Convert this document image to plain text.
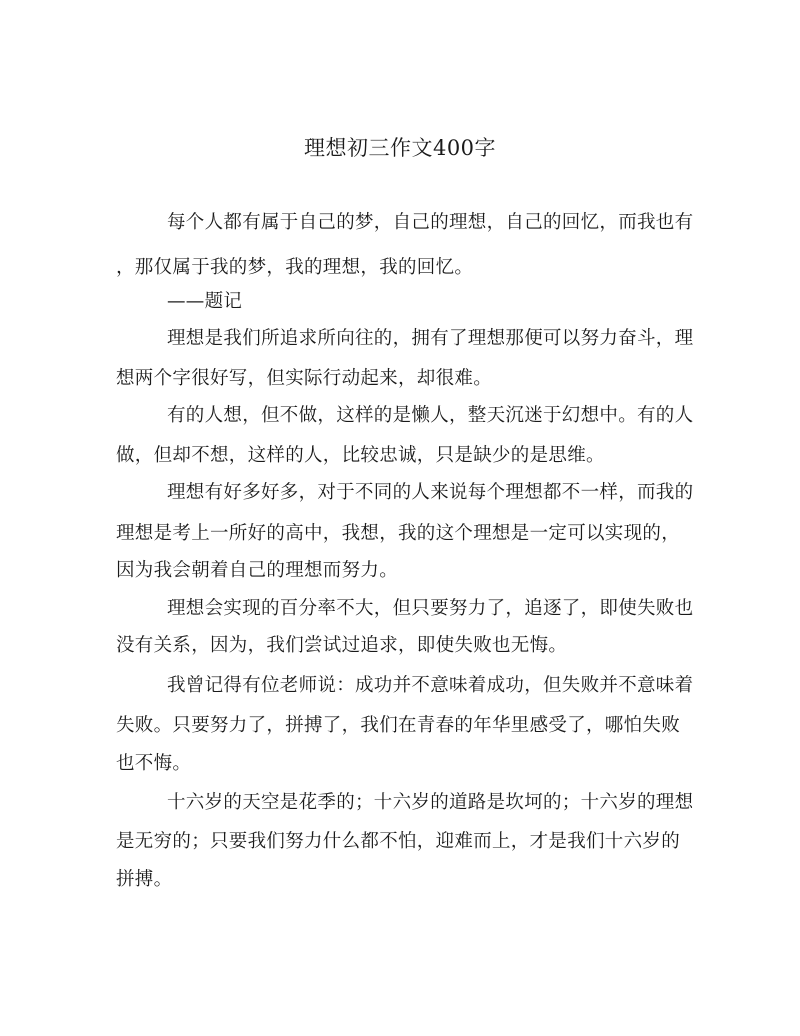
理想初三作文400字
每个人都有属于自己的梦，自己的理想，自己的回忆，而我也有
，那仅属于我的梦，我的理想，我的回忆。
——题记
理想是我们所追求所向往的，拥有了理想那便可以努力奋斗，理
想两个字很好写，但实际行动起来，却很难。
有的人想，但不做，这样的是懒人，整天沉迷于幻想中。有的人
做，但却不想，这样的人，比较忠诚，只是缺少的是思维。
理想有好多好多，对于不同的人来说每个理想都不一样，而我的
理想是考上一所好的高中，我想，我的这个理想是一定可以实现的，
因为我会朝着自己的理想而努力。
理想会实现的百分率不大，但只要努力了，追逐了，即使失败也
没有关系，因为，我们尝试过追求，即使失败也无悔。
我曾记得有位老师说：成功并不意味着成功，但失败并不意味着
失败。只要努力了，拼搏了，我们在青春的年华里感受了，哪怕失败
也不悔。
十六岁的天空是花季的；十六岁的道路是坎坷的；十六岁的理想
是无穷的；只要我们努力什么都不怕，迎难而上，才是我们十六岁的
拼搏。
